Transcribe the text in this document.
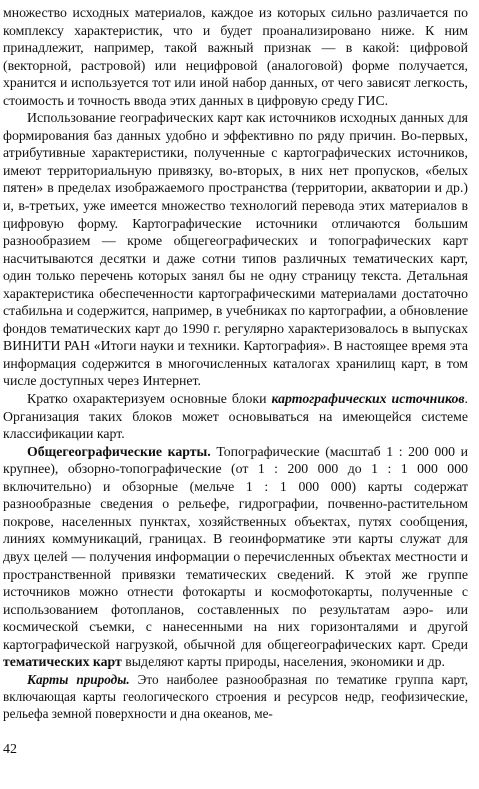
множество исходных материалов, каждое из которых сильно различается по комплексу характеристик, что и будет проанализировано ниже. К ним принадлежит, например, такой важный признак — в какой: цифровой (векторной, растровой) или нецифровой (аналоговой) форме получается, хранится и используется тот или иной набор данных, от чего зависят легкость, стоимость и точность ввода этих данных в цифровую среду ГИС.

Использование географических карт как источников исходных данных для формирования баз данных удобно и эффективно по ряду причин. Во-первых, атрибутивные характеристики, полученные с картографических источников, имеют территориальную привязку, во-вторых, в них нет пропусков, «белых пятен» в пределах изображаемого пространства (территории, акватории и др.) и, в-третьих, уже имеется множество технологий перевода этих материалов в цифровую форму. Картографические источники отличаются большим разнообразием — кроме общегеографических и топографических карт насчитываются десятки и даже сотни типов различных тематических карт, один только перечень которых занял бы не одну страницу текста. Детальная характеристика обеспеченности картографическими материалами достаточно стабильна и содержится, например, в учебниках по картографии, а обновление фондов тематических карт до 1990 г. регулярно характеризовалось в выпусках ВИНИТИ РАН «Итоги науки и техники. Картография». В настоящее время эта информация содержится в многочисленных каталогах хранилищ карт, в том числе доступных через Интернет.

Кратко охарактеризуем основные блоки картографических источников. Организация таких блоков может основываться на имеющейся системе классификации карт.

Общегеографические карты. Топографические (масштаб 1 : 200 000 и крупнее), обзорно-топографические (от 1 : 200 000 до 1 : 1 000 000 включительно) и обзорные (мельче 1 : 1 000 000) карты содержат разнообразные сведения о рельефе, гидрографии, почвенно-растительном покрове, населенных пунктах, хозяйственных объектах, путях сообщения, линиях коммуникаций, границах. В геоинформатике эти карты служат для двух целей — получения информации о перечисленных объектах местности и пространственной привязки тематических сведений. К этой же группе источников можно отнести фотокарты и космофотокарты, полученные с использованием фотопланов, составленных по результатам аэро- или космической съемки, с нанесенными на них горизонталями и другой картографической нагрузкой, обычной для общегеографических карт. Среди тематических карт выделяют карты природы, населения, экономики и др.

Карты природы. Это наиболее разнообразная по тематике группа карт, включающая карты геологического строения и ресурсов недр, геофизические, рельефа земной поверхности и дна океанов, ме-

42
